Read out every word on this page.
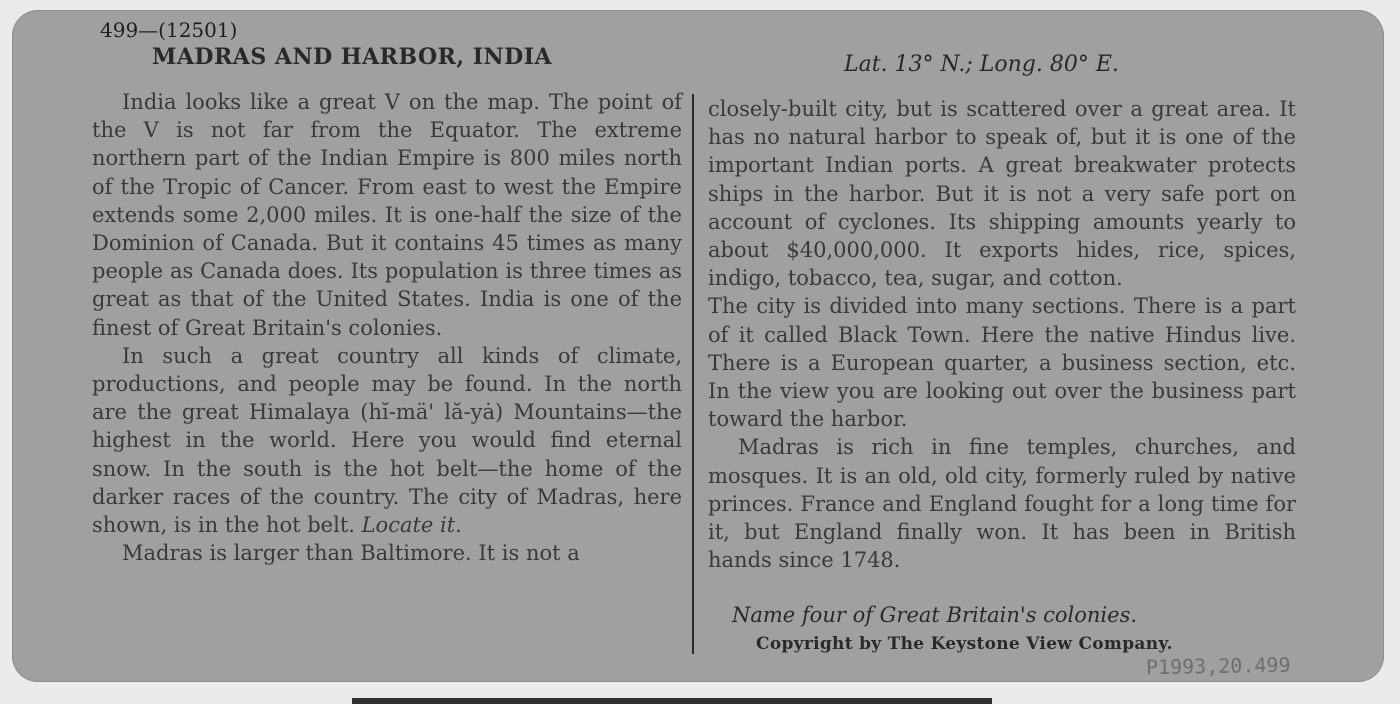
499—(12501)
MADRAS AND HARBOR, INDIA	Lat. 13° N.; Long. 80° E.

India looks like a great V on the map. The point of the V is not far from the Equator. The extreme northern part of the Indian Empire is 800 miles north of the Tropic of Cancer. From east to west the Empire extends some 2,000 miles. It is one-half the size of the Dominion of Canada. But it contains 45 times as many people as Canada does. Its population is three times as great as that of the United States. India is one of the finest of Great Britain's colonies.

In such a great country all kinds of climate, productions, and people may be found. In the north are the great Himalaya (hĭ-mä' lă-yȧ) Mountains—the highest in the world. Here you would find eternal snow. In the south is the hot belt—the home of the darker races of the country. The city of Madras, here shown, is in the hot belt. Locate it.

Madras is larger than Baltimore. It is not a

closely-built city, but is scattered over a great area. It has no natural harbor to speak of, but it is one of the important Indian ports. A great breakwater protects ships in the harbor. But it is not a very safe port on account of cyclones. Its shipping amounts yearly to about $40,000,000. It exports hides, rice, spices, indigo, tobacco, tea, sugar, and cotton.

The city is divided into many sections. There is a part of it called Black Town. Here the native Hindus live. There is a European quarter, a business section, etc. In the view you are looking out over the business part toward the harbor.

Madras is rich in fine temples, churches, and mosques. It is an old, old city, formerly ruled by native princes. France and England fought for a long time for it, but England finally won. It has been in British hands since 1748.

Name four of Great Britain's colonies.
Copyright by The Keystone View Company.
P1993,20.499
